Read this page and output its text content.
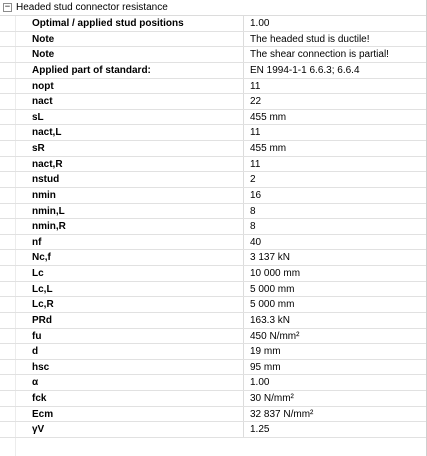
− Headed stud connector resistance
Optimal / applied stud positions	1.00
Note	The headed stud is ductile!
Note	The shear connection is partial!
Applied part of standard:	EN 1994-1-1 6.6.3; 6.6.4
nopt	11
nact	22
sL	455 mm
nact,L	11
sR	455 mm
nact,R	11
nstud	2
nmin	16
nmin,L	8
nmin,R	8
nf	40
Nc,f	3 137 kN
Lc	10 000 mm
Lc,L	5 000 mm
Lc,R	5 000 mm
PRd	163.3 kN
fu	450 N/mm²
d	19 mm
hsc	95 mm
α	1.00
fck	30 N/mm²
Ecm	32 837 N/mm²
γV	1.25
